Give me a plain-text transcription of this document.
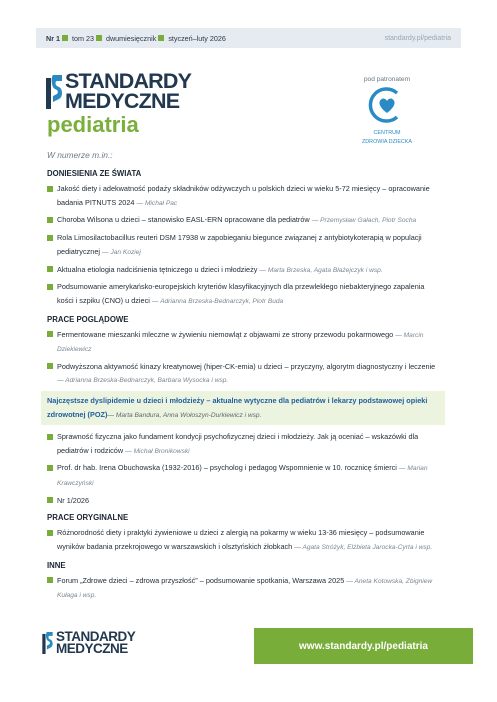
Nr 1 tom 23 dwumiesięcznik styczeń–luty 2026	standardy.pl/pediatria
STANDARDY
MEDYCZNE
pediatria
pod patronatem
CENTRUM
ZDROWIA DZIECKA
W numerze m.in.:
DONIESIENIA ZE ŚWIATA
Jakość diety i adekwatność podaży składników odżywczych u polskich dzieci w wieku 5-72 miesięcy – opracowanie badania PITNUTS 2024 — Michał Pac
Choroba Wilsona u dzieci – stanowisko EASL-ERN opracowane dla pediatrów — Przemysław Gałach, Piotr Socha
Rola Limosilactobacillus reuteri DSM 17938 w zapobieganiu biegunce związanej z antybiotykoterapią w populacji pediatrycznej — Jan Koziej
Aktualna etiologia nadciśnienia tętniczego u dzieci i młodzieży — Marta Brzeska, Agata Błażejczyk i wsp.
Podsumowanie amerykańsko-europejskich kryteriów klasyfikacyjnych dla przewlekłego niebakteryjnego zapalenia kości i szpiku (CNO) u dzieci — Adrianna Brzeska-Bednarczyk, Piotr Buda
PRACE POGLĄDOWE
Fermentowane mieszanki mleczne w żywieniu niemowląt z objawami ze strony przewodu pokarmowego — Marcin Dziekiewicz
Podwyższona aktywność kinazy kreatynowej (hiper-CK-emia) u dzieci – przyczyny, algorytm diagnostyczny i leczenie — Adrianna Brzeska-Bednarczyk, Barbara Wysocka i wsp.
Najczęstsze dyslipidemie u dzieci i młodzieży – aktualne wytyczne dla pediatrów i lekarzy podstawowej opieki zdrowotnej (POZ)— Marta Bandura, Anna Wołoszyn-Durkiewicz i wsp.
Sprawność fizyczna jako fundament kondycji psychofizycznej dzieci i młodzieży. Jak ją oceniać – wskazówki dla pediatrów i rodziców — Michał Bronikowski
Prof. dr hab. Irena Obuchowska (1932-2016) – psycholog i pedagog Wspomnienie w 10. rocznicę śmierci — Marian Krawczyński
Nr 1/2026
PRACE ORYGINALNE
Różnorodność diety i praktyki żywieniowe u dzieci z alergią na pokarmy w wieku 13-36 miesięcy – podsumowanie wyników badania przekrojowego w warszawskich i olsztyńskich żłobkach — Agata Stróżyk, Elżbieta Jarocka-Cyrta i wsp.
INNE
Forum „Zdrowe dzieci – zdrowa przyszłość” – podsumowanie spotkania, Warszawa 2025 — Aneta Kotowska, Zbigniew Kułaga i wsp.
STANDARDY
MEDYCZNE	www.standardy.pl/pediatria
